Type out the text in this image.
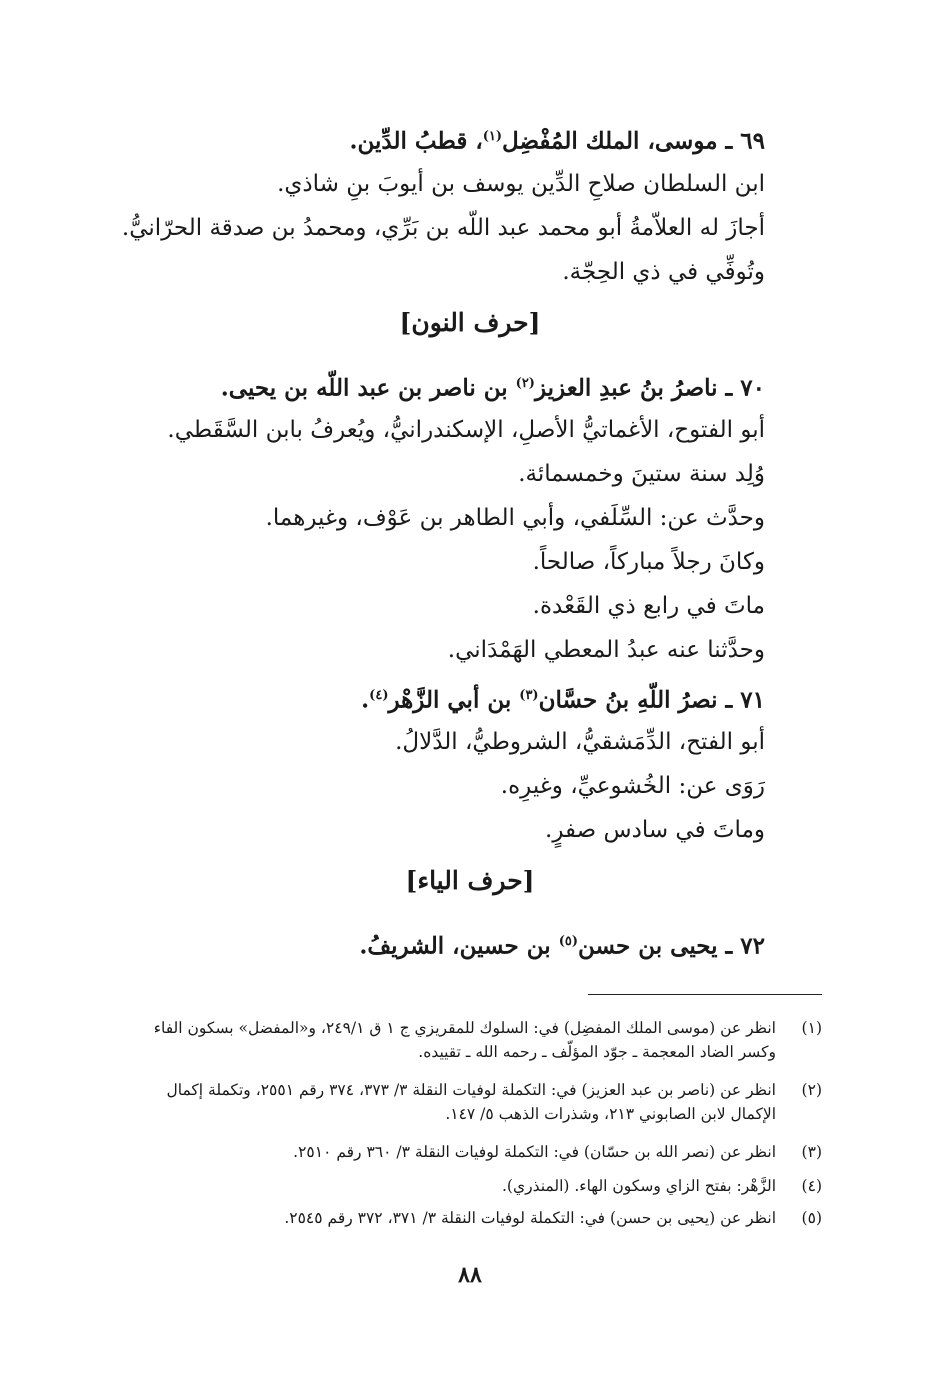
٦٩ ـ موسى، الملك المُفْضِل$^{(١)}$، قطبُ الدِّين.
ابن السلطان صلاحِ الدِّين يوسف بن أيوبَ بنِ شاذي.
أجازَ له العلاّمةُ أبو محمد عبد اللّه بن بَرِّي، ومحمدُ بن صدقة الحرّانيُّ.
وتُوفِّي في ذي الحِجّة.
[حرف النون]
٧٠ ـ ناصرُ بنُ عبدِ العزيز$^{(٢)}$ بن ناصر بن عبد اللّه بن يحيى.
أبو الفتوح، الأغماتيُّ الأصلِ، الإسكندرانيُّ، ويُعرفُ بابن السَّقَطي.
وُلِد سنة ستينَ وخمسمائة.
وحدَّث عن: السِّلَفي، وأبي الطاهر بن عَوْف، وغيرهما.
وكانَ رجلاً مباركاً، صالحاً.
ماتَ في رابع ذي القَعْدة.
وحدَّثنا عنه عبدُ المعطي الهَمْدَاني.
٧١ ـ نصرُ اللّهِ بنُ حسَّان$^{(٣)}$ بن أبي الزَّهْر$^{(٤)}$.
أبو الفتح، الدِّمَشقيُّ، الشروطيُّ، الدَّلالُ.
رَوَى عن: الخُشوعيِّ، وغيرِه.
وماتَ في سادس صفرٍ.
[حرف الياء]
٧٢ ـ يحيى بن حسن$^{(٥)}$ بن حسين، الشريفُ.
(١)
انظر عن (موسى الملك المفضِل) في: السلوك للمقريزي ج ١ ق ٢٤٩/١، و«المفضل» بسكون الفاء وكسر الضاد المعجمة ـ جوّد المؤلّف ـ رحمه الله ـ تقييده.
(٢)
انظر عن (ناصر بن عبد العزيز) في: التكملة لوفيات النقلة ٣/ ٣٧٣، ٣٧٤ رقم ٢٥٥١، وتكملة إكمال الإكمال لابن الصابوني ٢١٣، وشذرات الذهب ٥/ ١٤٧.
(٣)
انظر عن (نصر الله بن حسّان) في: التكملة لوفيات النقلة ٣/ ٣٦٠ رقم ٢٥١٠.
(٤)
الزَّهْر: بفتح الزاي وسكون الهاء. (المنذري).
(٥)
انظر عن (يحيى بن حسن) في: التكملة لوفيات النقلة ٣/ ٣٧١، ٣٧٢ رقم ٢٥٤٥.
٨٨
